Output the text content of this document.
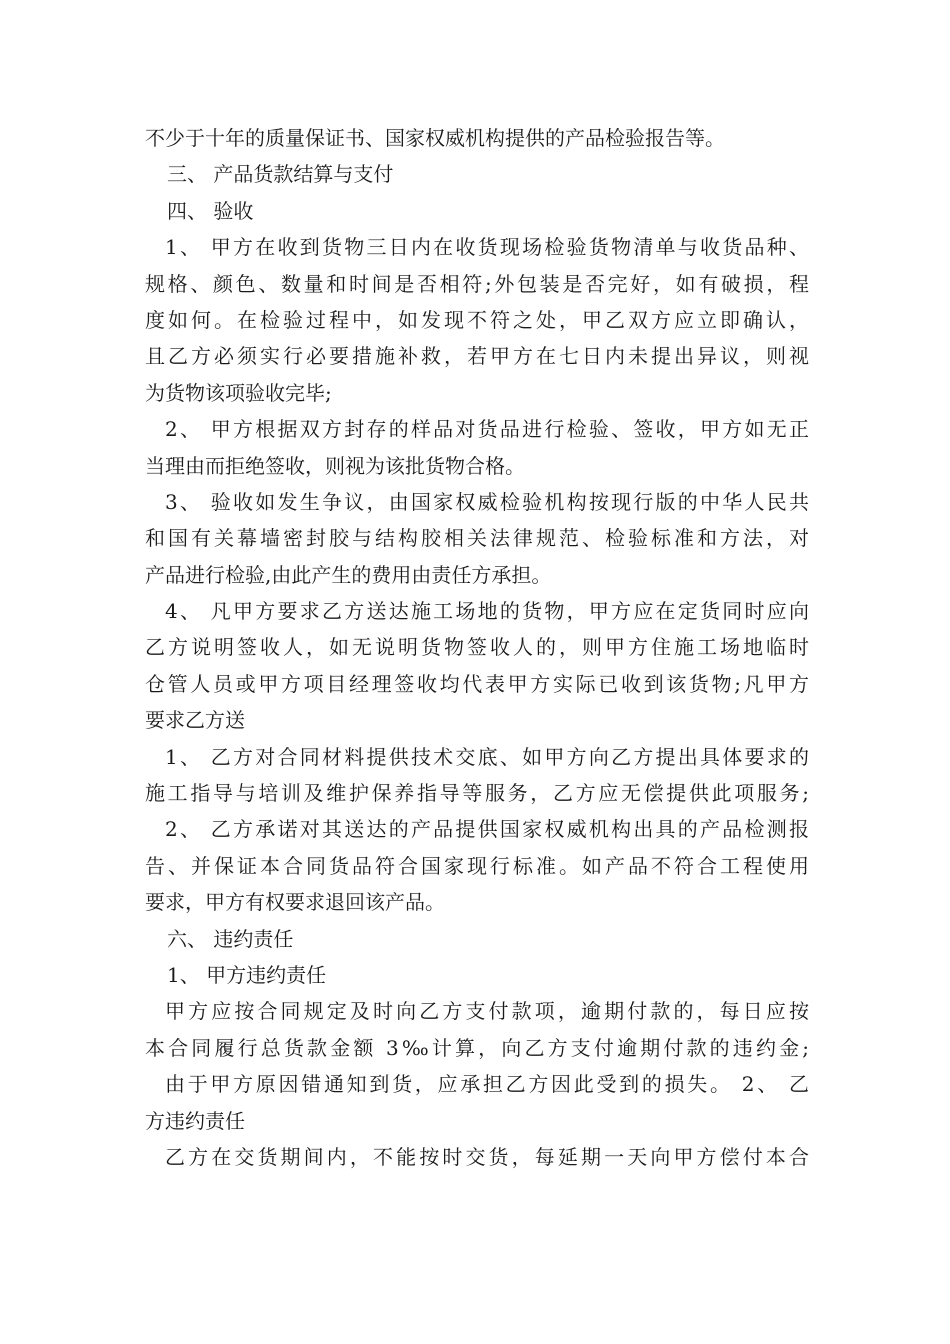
不少于十年的质量保证书、国家权威机构提供的产品检验报告等。
三、 产品货款结算与支付
四、 验收
1、 甲方在收到货物三日内在收货现场检验货物清单与收货品种、
规格、颜色、数量和时间是否相符;外包装是否完好，如有破损，程
度如何。在检验过程中，如发现不符之处，甲乙双方应立即确认，
且乙方必须实行必要措施补救，若甲方在七日内未提出异议，则视
为货物该项验收完毕;
2、 甲方根据双方封存的样品对货品进行检验、签收，甲方如无正
当理由而拒绝签收，则视为该批货物合格。
3、 验收如发生争议，由国家权威检验机构按现行版的中华人民共
和国有关幕墙密封胶与结构胶相关法律规范、检验标准和方法，对
产品进行检验,由此产生的费用由责任方承担。
4、 凡甲方要求乙方送达施工场地的货物，甲方应在定货同时应向
乙方说明签收人，如无说明货物签收人的，则甲方住施工场地临时
仓管人员或甲方项目经理签收均代表甲方实际已收到该货物;凡甲方
要求乙方送
1、 乙方对合同材料提供技术交底、如甲方向乙方提出具体要求的
施工指导与培训及维护保养指导等服务，乙方应无偿提供此项服务;
2、 乙方承诺对其送达的产品提供国家权威机构出具的产品检测报
告、并保证本合同货品符合国家现行标准。如产品不符合工程使用
要求，甲方有权要求退回该产品。
六、 违约责任
1、 甲方违约责任
甲方应按合同规定及时向乙方支付款项，逾期付款的，每日应按
本合同履行总货款金额 3‰计算，向乙方支付逾期付款的违约金;
由于甲方原因错通知到货，应承担乙方因此受到的损失。 2、 乙
方违约责任
乙方在交货期间内，不能按时交货，每延期一天向甲方偿付本合
